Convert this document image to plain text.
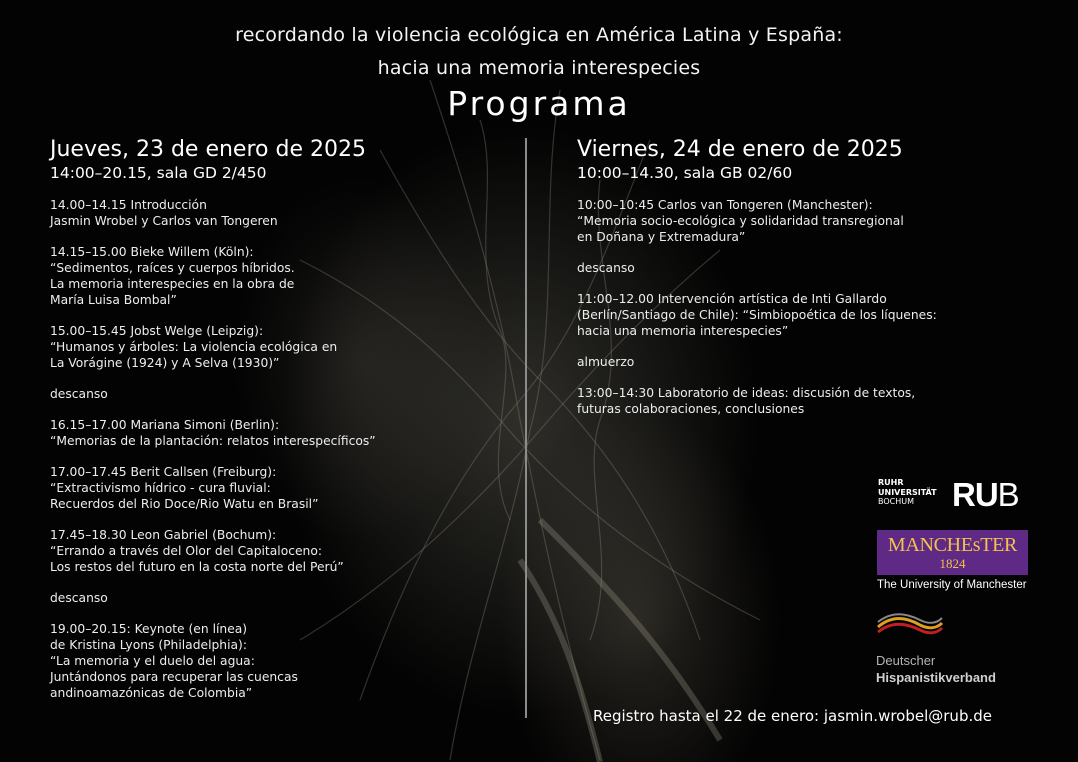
recordando la violencia ecológica en América Latina y España:
hacia una memoria interespecies
Programa
Jueves, 23 de enero de 2025
14:00–20.15, sala GD 2/450
14.00–14.15 Introducción
Jasmin Wrobel y Carlos van Tongeren
14.15–15.00 Bieke Willem (Köln):
“Sedimentos, raíces y cuerpos híbridos.
La memoria interespecies en la obra de
María Luisa Bombal”
15.00–15.45 Jobst Welge (Leipzig):
“Humanos y árboles: La violencia ecológica en
La Vorágine (1924) y A Selva (1930)”
descanso
16.15–17.00 Mariana Simoni (Berlin):
“Memorias de la plantación: relatos interespecíficos”
17.00–17.45 Berit Callsen (Freiburg):
“Extractivismo hídrico - cura fluvial:
Recuerdos del Rio Doce/Rio Watu en Brasil”
17.45–18.30 Leon Gabriel (Bochum):
“Errando a través del Olor del Capitaloceno:
Los restos del futuro en la costa norte del Perú”
descanso
19.00–20.15: Keynote (en línea)
de Kristina Lyons (Philadelphia):
“La memoria y el duelo del agua:
Juntándonos para recuperar las cuencas
andinoamazónicas de Colombia”
Viernes, 24 de enero de 2025
10:00–14.30, sala GB 02/60
10:00–10:45 Carlos van Tongeren (Manchester):
“Memoria socio-ecológica y solidaridad transregional
en Doñana y Extremadura”
descanso
11:00–12.00 Intervención artística de Inti Gallardo
(Berlín/Santiago de Chile): “Simbiopoética de los líquenes:
hacia una memoria interespecies”
almuerzo
13:00–14:30 Laboratorio de ideas: discusión de textos,
futuras colaboraciones, conclusiones
RUHR
UNIVERSITÄT
BOCHUM	RUB
MANCHEsTER
1824
The University of Manchester
Deutscher
Hispanistikverband
Registro hasta el 22 de enero: jasmin.wrobel@rub.de
